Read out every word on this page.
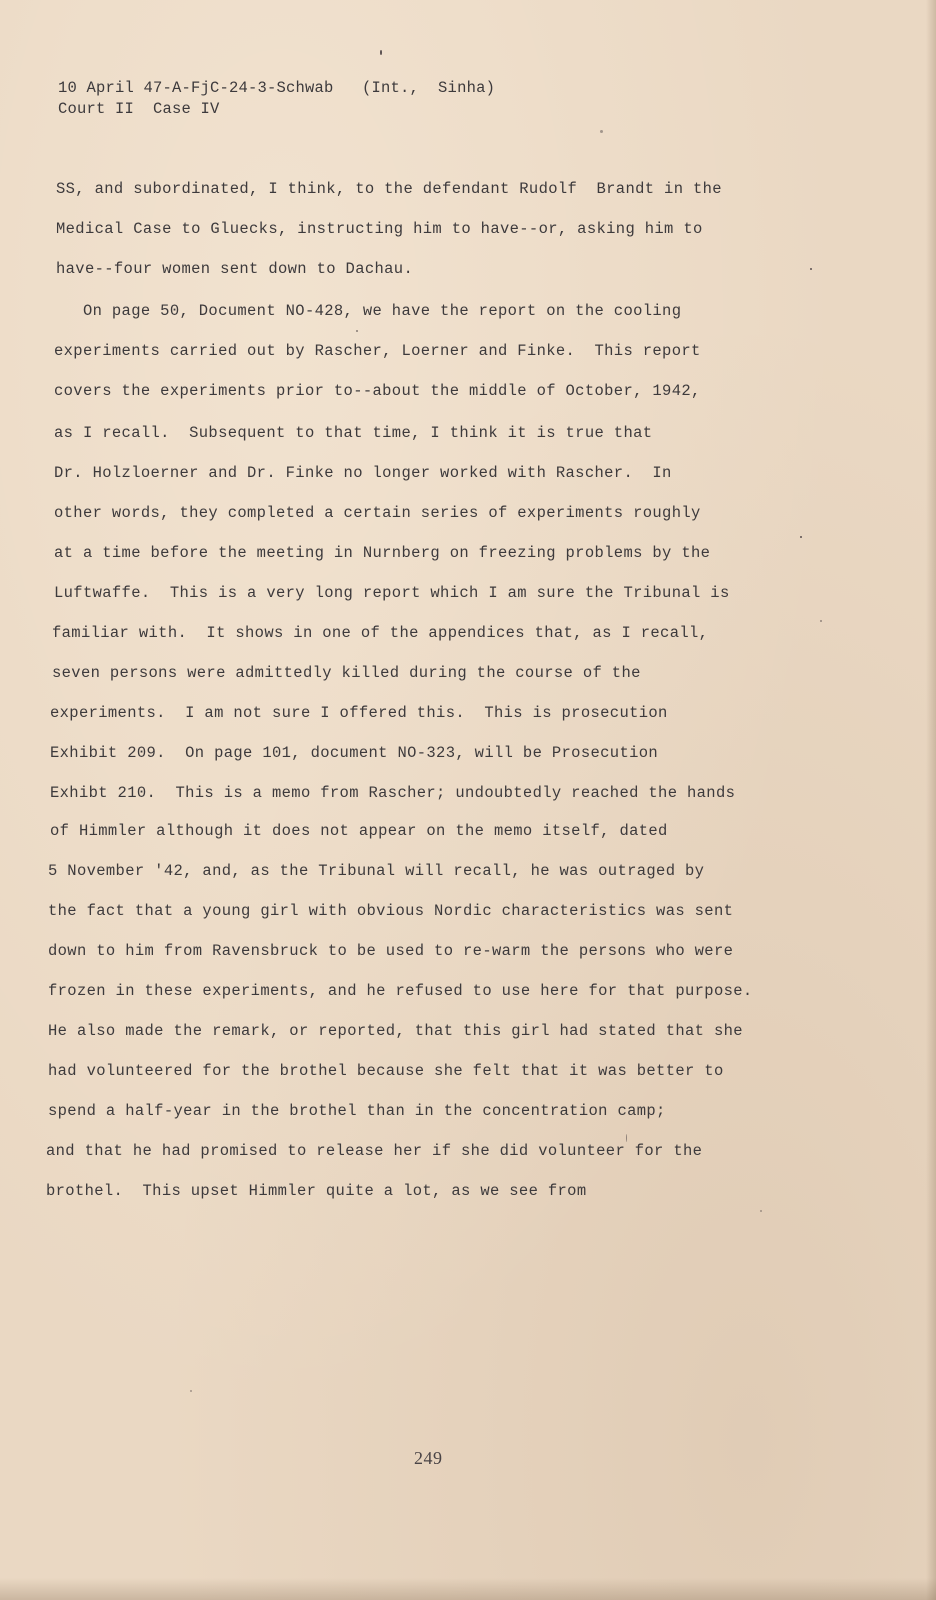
10 April 47-A-FjC-24-3-Schwab   (Int.,  Sinha)
Court II  Case IV
SS, and subordinated, I think, to the defendant Rudolf  Brandt in the
Medical Case to Gluecks, instructing him to have--or, asking him to
have--four women sent down to Dachau.
On page 50, Document NO-428, we have the report on the cooling
experiments carried out by Rascher, Loerner and Finke.  This report
covers the experiments prior to--about the middle of October, 1942,
as I recall.  Subsequent to that time, I think it is true that
Dr. Holzloerner and Dr. Finke no longer worked with Rascher.  In
other words, they completed a certain series of experiments roughly
at a time before the meeting in Nurnberg on freezing problems by the
Luftwaffe.  This is a very long report which I am sure the Tribunal is
familiar with.  It shows in one of the appendices that, as I recall,
seven persons were admittedly killed during the course of the
experiments.  I am not sure I offered this.  This is prosecution
Exhibit 209.  On page 101, document NO-323, will be Prosecution
Exhibt 210.  This is a memo from Rascher; undoubtedly reached the hands
of Himmler although it does not appear on the memo itself, dated
5 November '42, and, as the Tribunal will recall, he was outraged by
the fact that a young girl with obvious Nordic characteristics was sent
down to him from Ravensbruck to be used to re-warm the persons who were
frozen in these experiments, and he refused to use here for that purpose.
He also made the remark, or reported, that this girl had stated that she
had volunteered for the brothel because she felt that it was better to
spend a half-year in the brothel than in the concentration camp;
and that he had promised to release her if she did volunteer for the
brothel.  This upset Himmler quite a lot, as we see from
249
